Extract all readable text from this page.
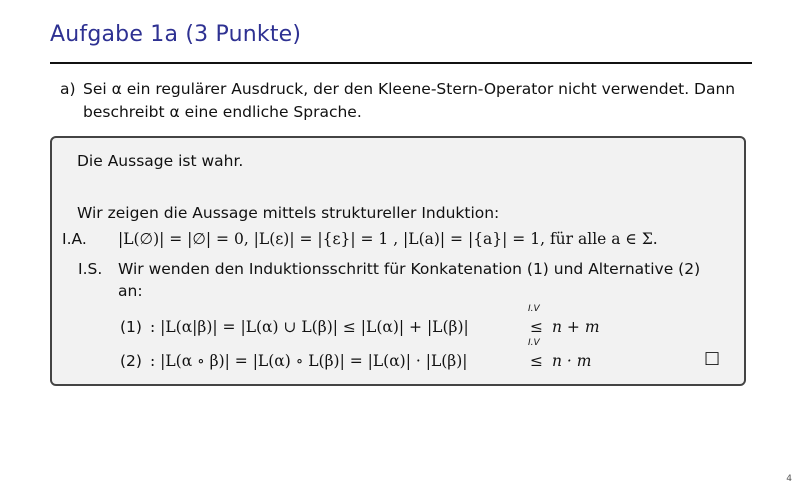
Aufgabe 1a (3 Punkte)
a) Sei α ein regulärer Ausdruck, der den Kleene-Stern-Operator nicht verwendet. Dann beschreibt α eine endliche Sprache.
Die Aussage ist wahr.
Wir zeigen die Aussage mittels struktureller Induktion:
I.A. |L(∅)| = |∅| = 0, |L(ε)| = |{ε}| = 1 , |L(a)| = |{a}| = 1, für alle a ∈ Σ.
I.S. Wir wenden den Induktionsschritt für Konkatenation (1) und Alternative (2)
an:
(1) : |L(α|β)| = |L(α) ∪ L(β)| ≤ |L(α)| + |L(β)|
I.V
≤ n + m
(2) : |L(α ∘ β)| = |L(α) ∘ L(β)| = |L(α)| · |L(β)|
I.V
≤ n · m	□
4
